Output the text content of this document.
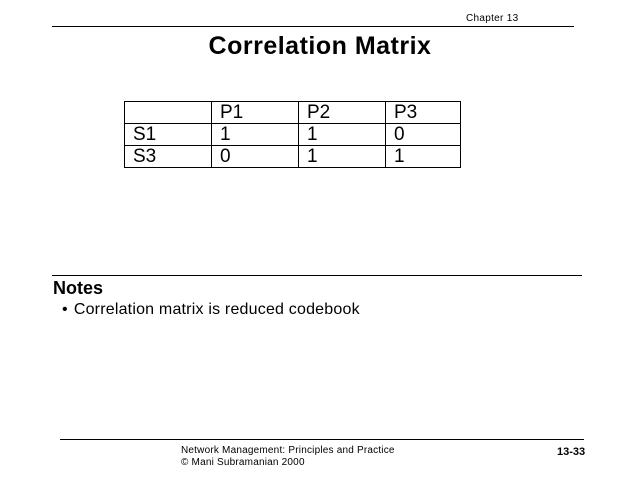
Chapter 13
Correlation Matrix
	P1	P2	P3
S1	1	1	0
S3	0	1	1
Notes
• Correlation matrix is reduced codebook
Network Management: Principles and Practice
© Mani Subramanian 2000
13-33
